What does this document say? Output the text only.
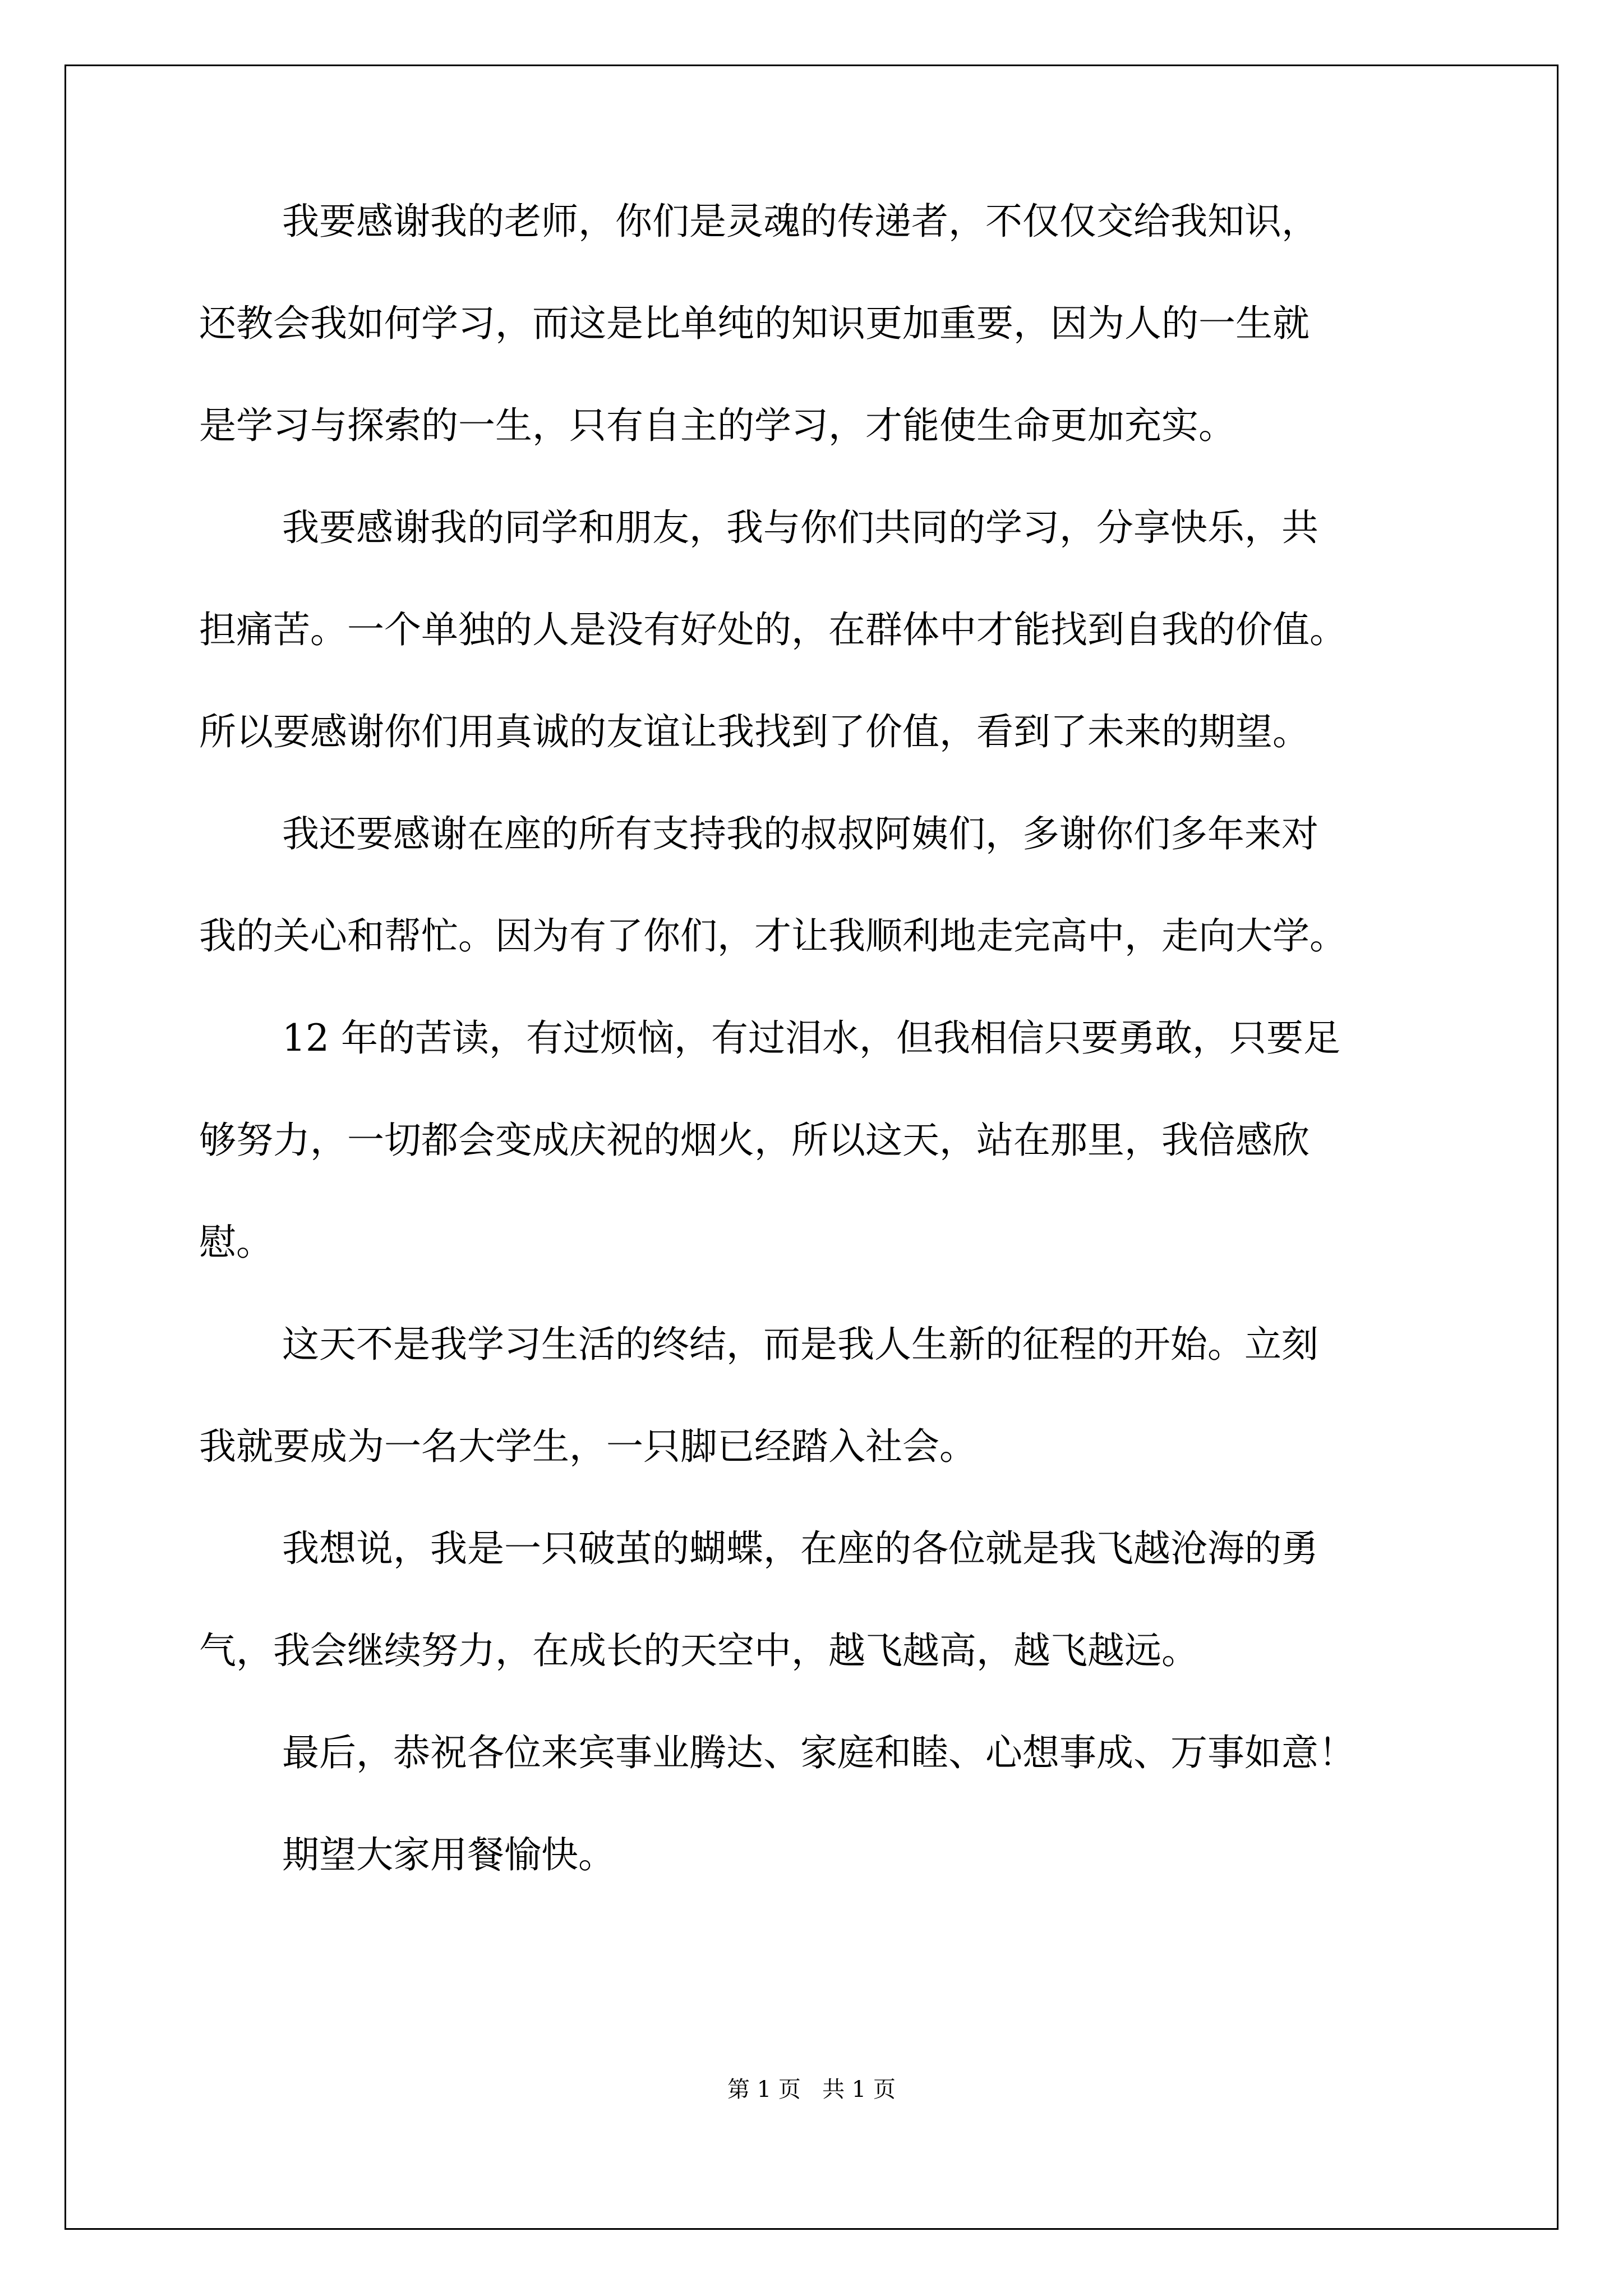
我要感谢我的老师，你们是灵魂的传递者，不仅仅交给我知识，
还教会我如何学习，而这是比单纯的知识更加重要，因为人的一生就
是学习与探索的一生，只有自主的学习，才能使生命更加充实。
我要感谢我的同学和朋友，我与你们共同的学习，分享快乐，共
担痛苦。一个单独的人是没有好处的，在群体中才能找到自我的价值。
所以要感谢你们用真诚的友谊让我找到了价值，看到了未来的期望。
我还要感谢在座的所有支持我的叔叔阿姨们，多谢你们多年来对
我的关心和帮忙。因为有了你们，才让我顺利地走完高中，走向大学。
12 年的苦读，有过烦恼，有过泪水，但我相信只要勇敢，只要足
够努力，一切都会变成庆祝的烟火，所以这天，站在那里，我倍感欣
慰。
这天不是我学习生活的终结，而是我人生新的征程的开始。立刻
我就要成为一名大学生，一只脚已经踏入社会。
我想说，我是一只破茧的蝴蝶，在座的各位就是我飞越沧海的勇
气，我会继续努力，在成长的天空中，越飞越高，越飞越远。
最后，恭祝各位来宾事业腾达、家庭和睦、心想事成、万事如意！
期望大家用餐愉快。
第 1 页   共 1 页
